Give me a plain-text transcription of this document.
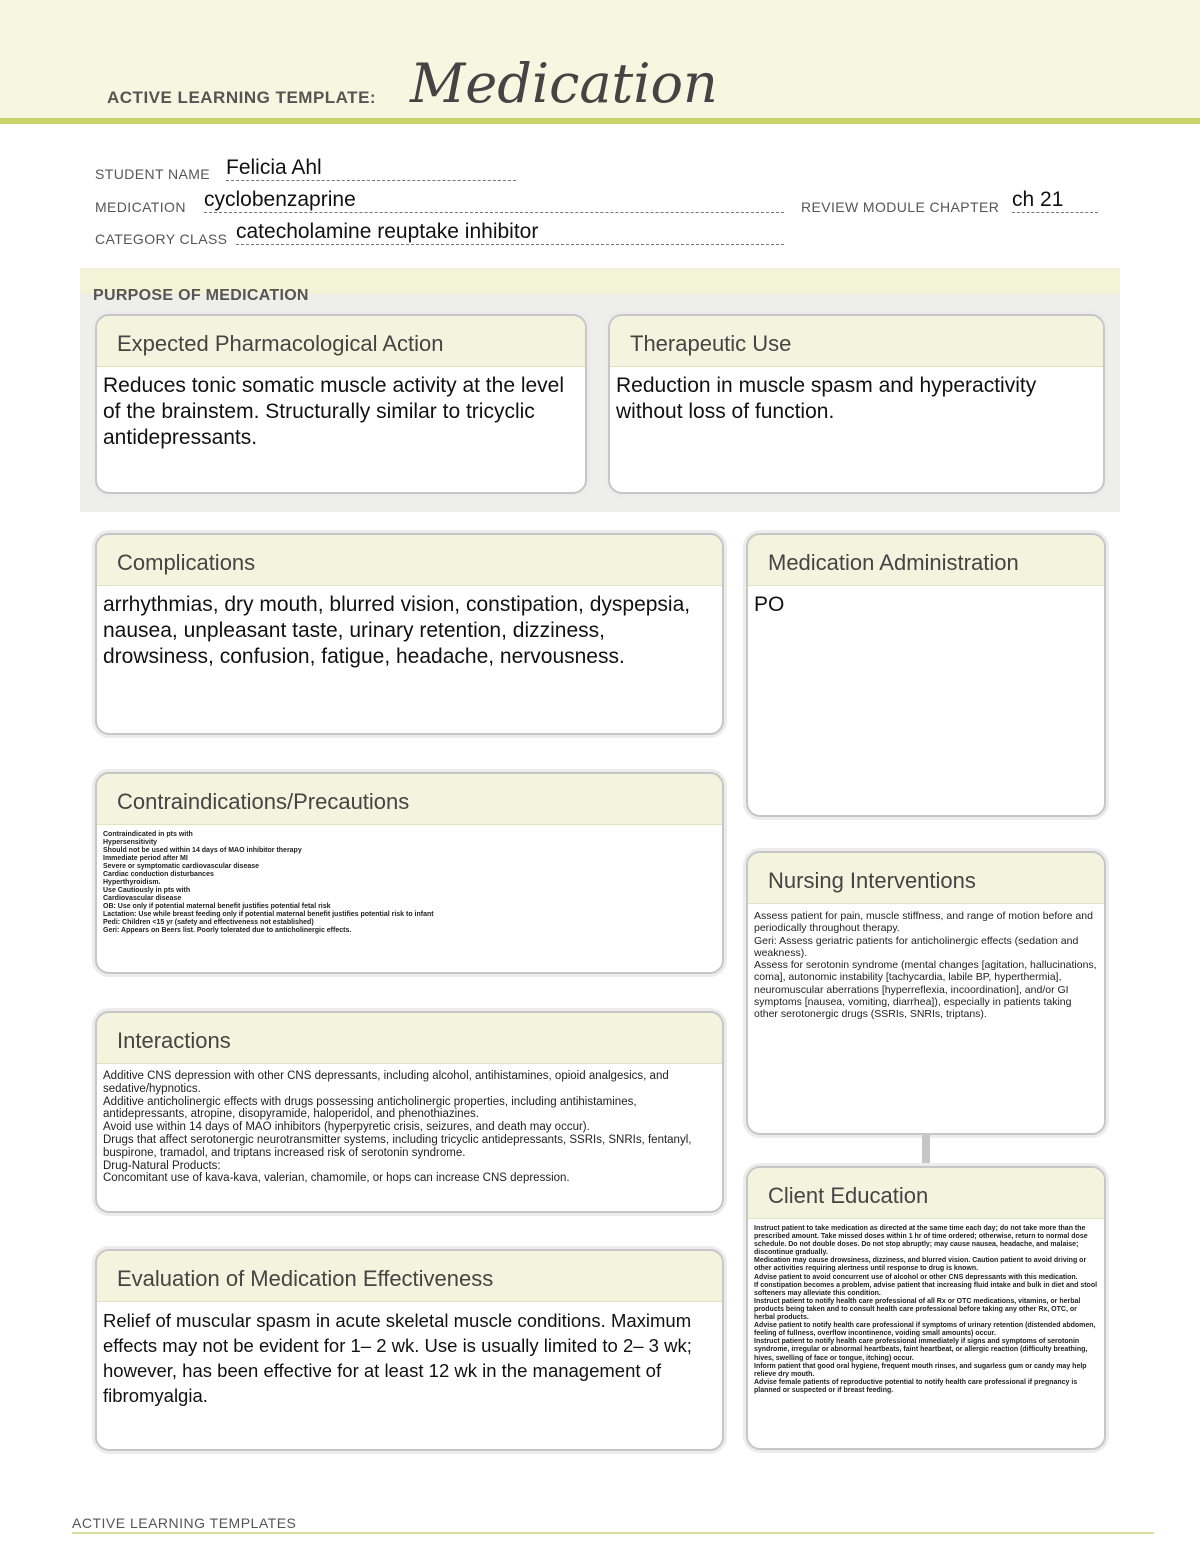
ACTIVE LEARNING TEMPLATE: Medication
STUDENT NAME Felicia Ahl
MEDICATION cyclobenzaprine	REVIEW MODULE CHAPTER ch 21
CATEGORY CLASS catecholamine reuptake inhibitor
PURPOSE OF MEDICATION
Expected Pharmacological Action
Reduces tonic somatic muscle activity at the level of the brainstem. Structurally similar to tricyclic antidepressants.
Therapeutic Use
Reduction in muscle spasm and hyperactivity without loss of function.
Complications
arrhythmias, dry mouth, blurred vision, constipation, dyspepsia, nausea, unpleasant taste, urinary retention, dizziness, drowsiness, confusion, fatigue, headache, nervousness.
Medication Administration
PO
Contraindications/Precautions
Contraindicated in pts with
Hypersensitivity
Should not be used within 14 days of MAO inhibitor therapy
Immediate period after MI
Severe or symptomatic cardiovascular disease
Cardiac conduction disturbances
Hyperthyroidism.
Use Cautiously in pts with
Cardiovascular disease
OB: Use only if potential maternal benefit justifies potential fetal risk
Lactation: Use while breast feeding only if potential maternal benefit justifies potential risk to infant
Pedi: Children <15 yr (safety and effectiveness not established)
Geri: Appears on Beers list. Poorly tolerated due to anticholinergic effects.
Nursing Interventions
Assess patient for pain, muscle stiffness, and range of motion before and periodically throughout therapy.
Geri: Assess geriatric patients for anticholinergic effects (sedation and weakness).
Assess for serotonin syndrome (mental changes [agitation, hallucinations, coma], autonomic instability [tachycardia, labile BP, hyperthermia], neuromuscular aberrations [hyperreflexia, incoordination], and/or GI symptoms [nausea, vomiting, diarrhea]), especially in patients taking other serotonergic drugs (SSRIs, SNRIs, triptans).
Interactions
Additive CNS depression with other CNS depressants, including alcohol, antihistamines, opioid analgesics, and sedative/hypnotics.
Additive anticholinergic effects with drugs possessing anticholinergic properties, including antihistamines, antidepressants, atropine, disopyramide, haloperidol, and phenothiazines.
Avoid use within 14 days of MAO inhibitors (hyperpyretic crisis, seizures, and death may occur).
Drugs that affect serotonergic neurotransmitter systems, including tricyclic antidepressants, SSRIs, SNRIs, fentanyl, buspirone, tramadol, and triptans increased risk of serotonin syndrome.
Drug-Natural Products:
Concomitant use of kava-kava, valerian, chamomile, or hops can increase CNS depression.
Client Education
Instruct patient to take medication as directed at the same time each day; do not take more than the prescribed amount. Take missed doses within 1 hr of time ordered; otherwise, return to normal dose schedule. Do not double doses. Do not stop abruptly; may cause nausea, headache, and malaise; discontinue gradually.
Medication may cause drowsiness, dizziness, and blurred vision. Caution patient to avoid driving or other activities requiring alertness until response to drug is known.
Advise patient to avoid concurrent use of alcohol or other CNS depressants with this medication.
If constipation becomes a problem, advise patient that increasing fluid intake and bulk in diet and stool softeners may alleviate this condition.
Instruct patient to notify health care professional of all Rx or OTC medications, vitamins, or herbal products being taken and to consult health care professional before taking any other Rx, OTC, or herbal products.
Advise patient to notify health care professional if symptoms of urinary retention (distended abdomen, feeling of fullness, overflow incontinence, voiding small amounts) occur.
Instruct patient to notify health care professional immediately if signs and symptoms of serotonin syndrome, irregular or abnormal heartbeats, faint heartbeat, or allergic reaction (difficulty breathing, hives, swelling of face or tongue, itching) occur.
Inform patient that good oral hygiene, frequent mouth rinses, and sugarless gum or candy may help relieve dry mouth.
Advise female patients of reproductive potential to notify health care professional if pregnancy is planned or suspected or if breast feeding.
Evaluation of Medication Effectiveness
Relief of muscular spasm in acute skeletal muscle conditions. Maximum effects may not be evident for 1– 2 wk. Use is usually limited to 2– 3 wk; however, has been effective for at least 12 wk in the management of fibromyalgia.
ACTIVE LEARNING TEMPLATES
